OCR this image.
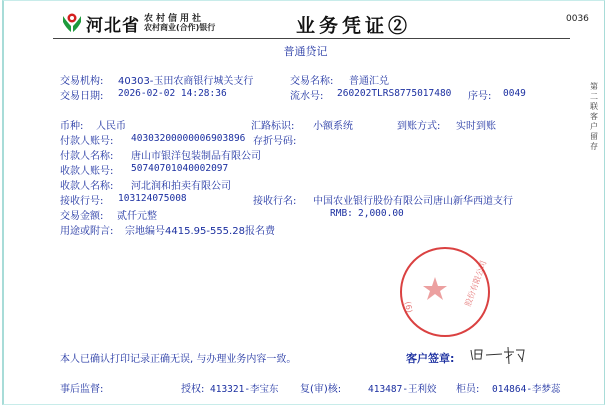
河北省 农村信用社
农村商业(合作)银行	业务凭证②	0036
普通贷记
交易机构: 40303-玉田农商银行城关支行	交易名称: 普通汇兑
交易日期: 2026-02-02 14:28:36	流水号: 260202TLRS8775017480 序号: 0049
币种: 人民币	汇路标识: 小额系统	到账方式: 实时到账
付款人账号: 40303200000006903896 存折号码:
付款人名称: 唐山市银洋包装制品有限公司
收款人账号: 50740701040002097
收款人名称: 河北润和拍卖有限公司
接收行号: 103124075008	接收行名: 中国农业银行股份有限公司唐山新华西道支行
交易金额: 贰仟元整	RMB: 2,000.00
用途或附言: 宗地编号4415.95-555.28报名费
第二联 客户留存
股份有限公司
(6)
本人已确认打印记录正确无误, 与办理业务内容一致。	客户签章:
事后监督:	授权: 413321-李宝东 复(审)核:	413487-王利姣 柜员: 014864-李梦蕊
